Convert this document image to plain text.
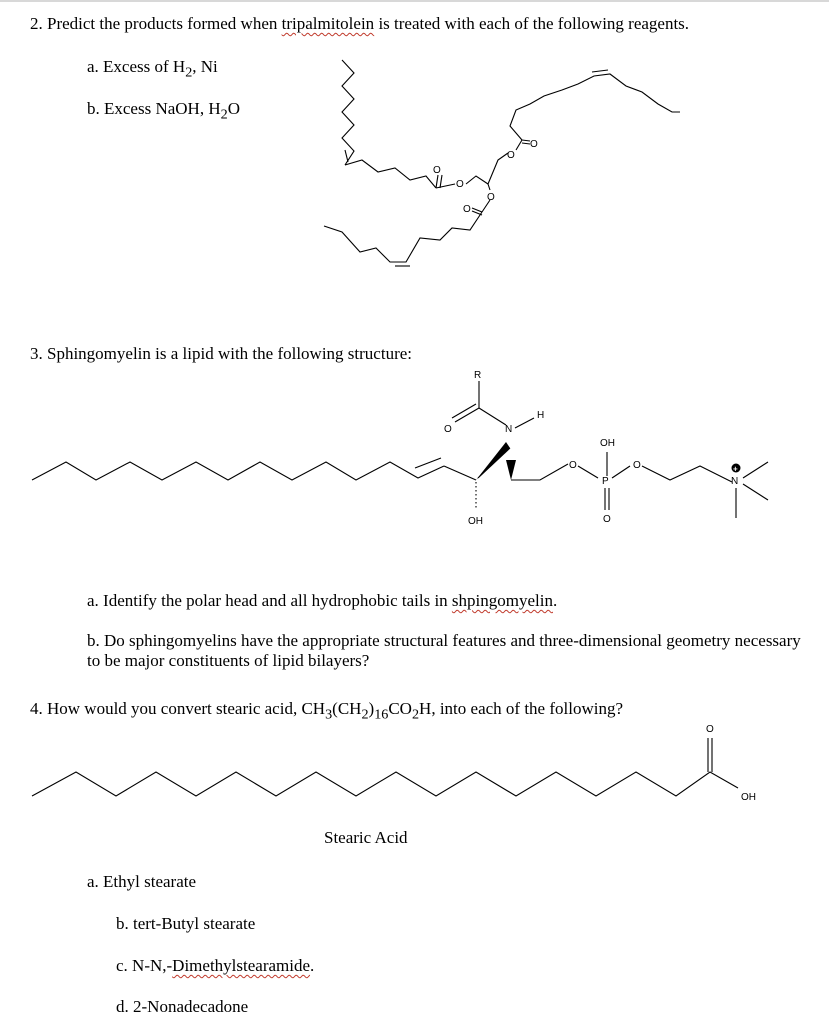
2. Predict the products formed when tripalmitolein is treated with each of the following reagents.
a. Excess of $H_2$, Ni
b. Excess NaOH, $H_2O$
O
O
O
O
O
O
3. Sphingomyelin is a lipid with the following structure:
OH
N
H
R
O
O
P
OH
O
O
N
+
a. Identify the polar head and all hydrophobic tails in shpingomyelin.
b. Do sphingomyelins have the appropriate structural features and three-dimensional geometry necessary to be major constituents of lipid bilayers?
4. How would you convert stearic acid, $CH_3(CH_2)_{16}CO_2H$, into each of the following?
O
OH
Stearic Acid
a. Ethyl stearate
b. tert-Butyl stearate
c. N-N,-Dimethylstearamide.
d. 2-Nonadecadone
